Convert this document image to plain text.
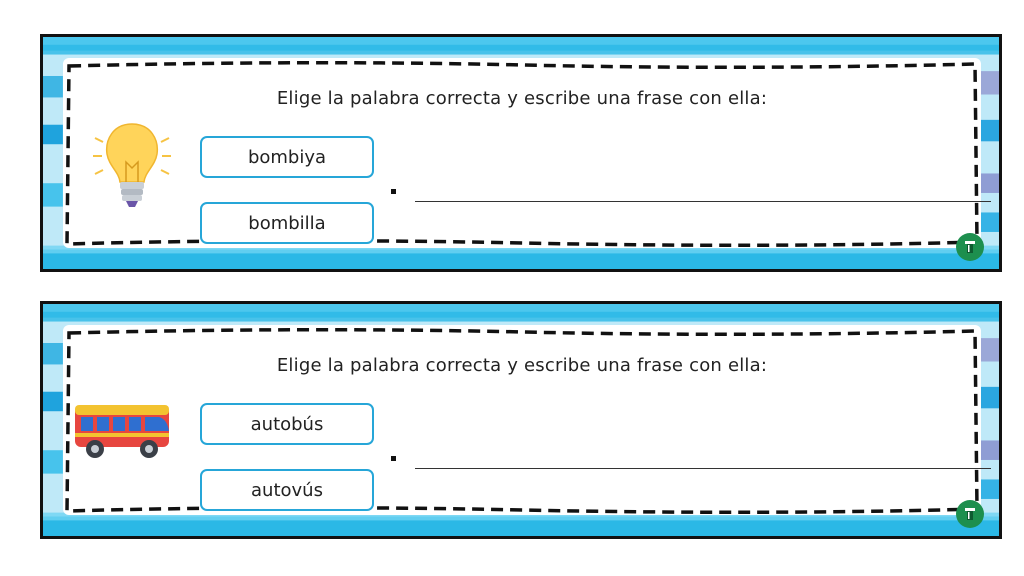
Elige la palabra correcta y escribe una frase con ella:
bombiya
bombilla
Elige la palabra correcta y escribe una frase con ella:
autobús
autovús
